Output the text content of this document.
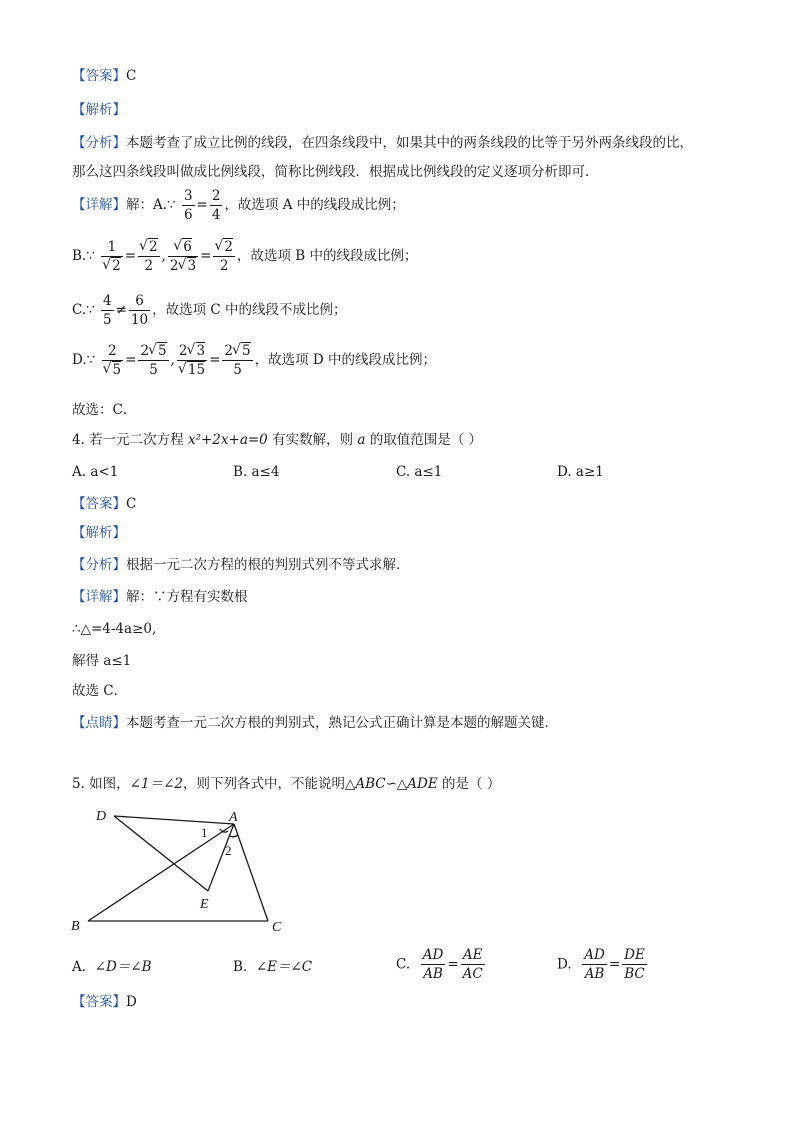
【答案】C
【解析】
【分析】本题考查了成立比例的线段，在四条线段中，如果其中的两条线段的比等于另外两条线段的比，
那么这四条线段叫做成比例线段，简称比例线段．根据成比例线段的定义逐项分析即可.
【详解】解：A.∵ $\frac{3}{6} = \frac{2}{4}$ ，故选项 A 中的线段成比例；
B.∵ 1
√ 2 = √ $\frac{2}{2}$ , √ $\frac{6}{2 √ 3}$ = √ $\frac{2}{2}$ ，故选项 B 中的线段成比例；
C.∵ $\frac{4}{5} \ne \frac{6}{10}$ ，故选项 C 中的线段不成比例；
D.∵ 2
√ $5 = \frac{2 √ 5}{5}$ , 2 √ 3
√ $15 = \frac{2 √ 5}{5}$ ，故选项 D 中的线段成比例；
故选：C．
4. 若一元二次方程 x²+2x+a=0 有实数解，则 a 的取值范围是（ ）
A. a<1	B. a≤4	C. a≤1	D. a≥1
【答案】C
【解析】
【分析】根据一元二次方程的根的判别式列不等式求解．
【详解】解：∵方程有实数根
∴△=4-4a≥0,
解得 a≤1
故选 C．
【点睛】本题考查一元二次方根的判别式，熟记公式正确计算是本题的解题关键．
5. 如图，∠1＝∠2，则下列各式中，不能说明△ABC∽△ADE 的是（ ）
D	A
B	C
E
1
2
A. ∠D＝∠B	B. ∠E＝∠C	C. $\frac{AD}{AB} = \frac{AE}{AC}$	D. $\frac{AD}{AB} = \frac{DE}{BC}$
【答案】D
